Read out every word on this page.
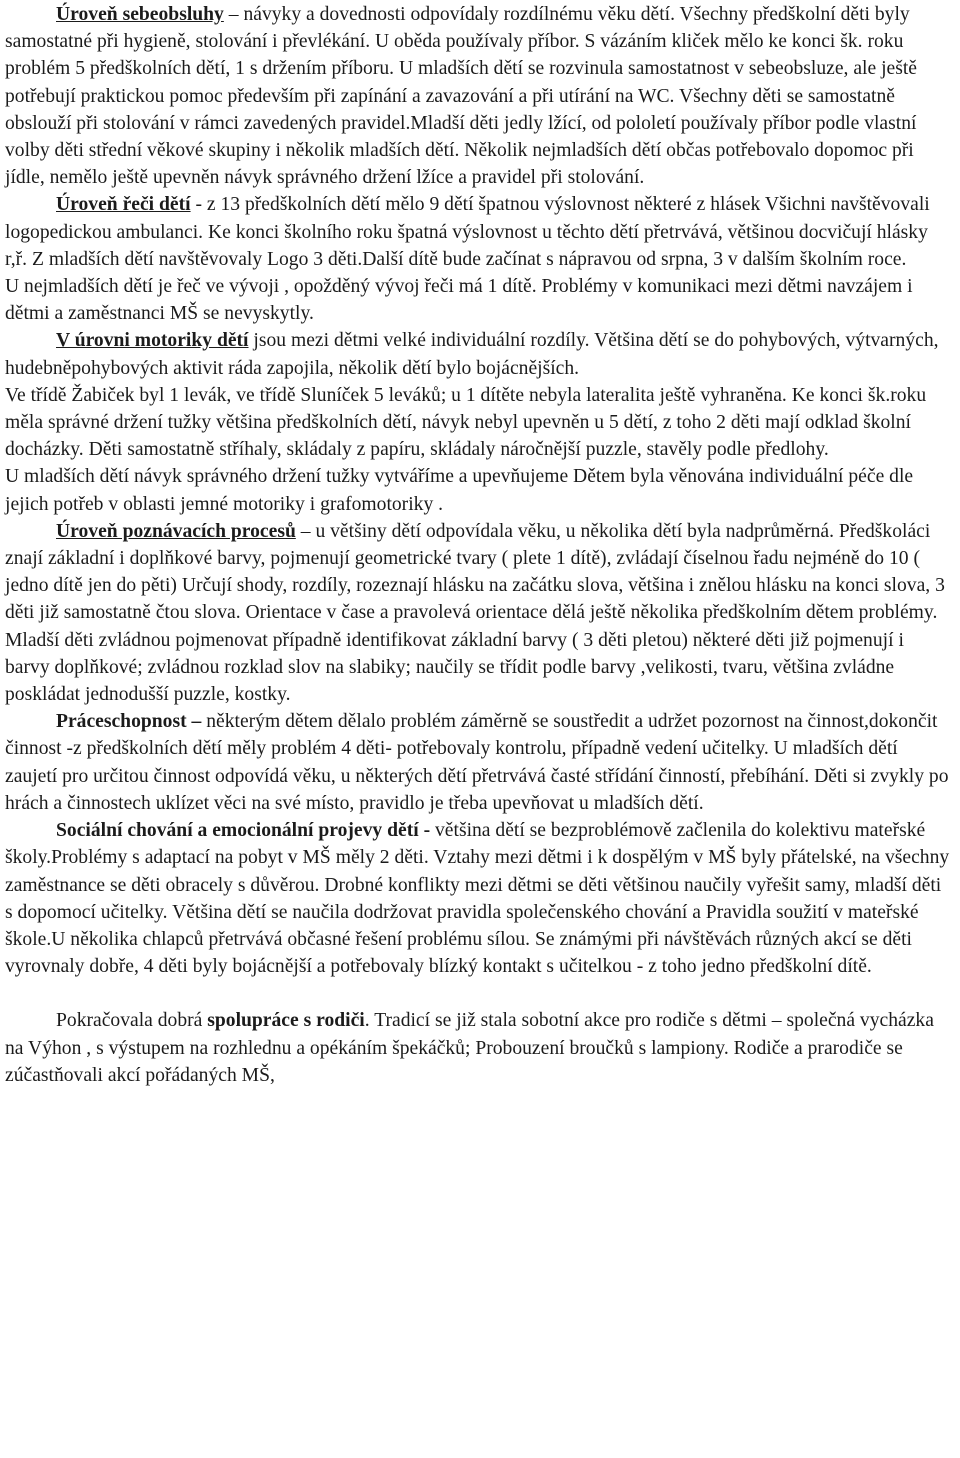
Úroveň sebeobsluhy – návyky a dovednosti odpovídaly rozdílnému věku dětí. Všechny předškolní děti byly samostatné při hygieně, stolování i převlékání. U oběda používaly příbor. S vázáním kliček mělo ke konci šk. roku problém 5 předškolních dětí, 1 s držením příboru. U mladších dětí se rozvinula samostatnost v sebeobsluze, ale ještě potřebují praktickou pomoc především při zapínání a zavazování a při utírání na WC. Všechny děti se samostatně obslouží při stolování v rámci zavedených pravidel.Mladší děti jedly lžící, od pololetí používaly příbor podle vlastní volby děti střední věkové skupiny i několik mladších dětí. Několik nejmladších dětí občas potřebovalo dopomoc při jídle, nemělo ještě upevněn návyk správného držení lžíce a pravidel při stolování.

Úroveň řeči dětí - z 13 předškolních dětí mělo 9 dětí špatnou výslovnost některé z hlásek Všichni navštěvovali logopedickou ambulanci. Ke konci školního roku špatná výslovnost u těchto dětí přetrvává, většinou docvičují hlásky r,ř. Z mladších dětí navštěvovaly Logo 3 děti.Další dítě bude začínat s nápravou od srpna, 3 v dalším školním roce.

U nejmladších dětí je řeč ve vývoji , opožděný vývoj řeči má 1 dítě. Problémy v komunikaci mezi dětmi navzájem i dětmi a zaměstnanci MŠ se nevyskytly.

V úrovni motoriky dětí jsou mezi dětmi velké individuální rozdíly. Většina dětí se do pohybových, výtvarných, hudebněpohybových aktivit ráda zapojila, několik dětí bylo bojácnějších.

Ve třídě Žabiček byl 1 levák, ve třídě Sluníček 5 leváků; u 1 dítěte nebyla lateralita ještě vyhraněna. Ke konci šk.roku měla správné držení tužky většina předškolních dětí, návyk nebyl upevněn u 5 dětí, z toho 2 děti mají odklad školní docházky. Děti samostatně stříhaly, skládaly z papíru, skládaly náročnější puzzle, stavěly podle předlohy.

U mladších dětí návyk správného držení tužky vytváříme a upevňujeme Dětem byla věnována individuální péče dle jejich potřeb v oblasti jemné motoriky i grafomotoriky .

Úroveň poznávacích procesů – u většiny dětí odpovídala věku, u několika dětí byla nadprůměrná. Předškoláci znají základní i doplňkové barvy, pojmenují geometrické tvary ( plete 1 dítě), zvládají číselnou řadu nejméně do 10 ( jedno dítě jen do pěti) Určují shody, rozdíly, rozeznají hlásku na začátku slova, většina i znělou hlásku na konci slova, 3 děti již samostatně čtou slova. Orientace v čase a pravolevá orientace dělá ještě několika předškolním dětem problémy. Mladší děti zvládnou pojmenovat případně identifikovat základní barvy ( 3 děti pletou) některé děti již pojmenují i barvy doplňkové; zvládnou rozklad slov na slabiky; naučily se třídit podle barvy ,velikosti, tvaru, většina zvládne poskládat jednodušší puzzle, kostky.

Práceschopnost – některým dětem dělalo problém záměrně se soustředit a udržet pozornost na činnost,dokončit činnost -z předškolních dětí měly problém 4 děti- potřebovaly kontrolu, případně vedení učitelky. U mladších dětí zaujetí pro určitou činnost odpovídá věku, u některých dětí přetrvává časté střídání činností, přebíhání. Děti si zvykly po hrách a činnostech uklízet věci na své místo, pravidlo je třeba upevňovat u mladších dětí.

Sociální chování a emocionální projevy dětí - většina dětí se bezproblémově začlenila do kolektivu mateřské školy.Problémy s adaptací na pobyt v MŠ měly 2 děti. Vztahy mezi dětmi i k dospělým v MŠ byly přátelské, na všechny zaměstnance se děti obracely s důvěrou. Drobné konflikty mezi dětmi se děti většinou naučily vyřešit samy, mladší děti s dopomocí učitelky. Většina dětí se naučila dodržovat pravidla společenského chování a Pravidla soužití v mateřské škole.U několika chlapců přetrvává občasné řešení problému sílou. Se známými při návštěvách různých akcí se děti vyrovnaly dobře, 4 děti byly bojácnější a potřebovaly blízký kontakt s učitelkou - z toho jedno předškolní dítě.

Pokračovala dobrá spolupráce s rodiči. Tradicí se již stala sobotní akce pro rodiče s dětmi – společná vycházka na Výhon , s výstupem na rozhlednu a opékáním špekáčků; Probouzení broučků s lampiony. Rodiče a prarodiče se zúčastňovali akcí pořádaných MŠ,
